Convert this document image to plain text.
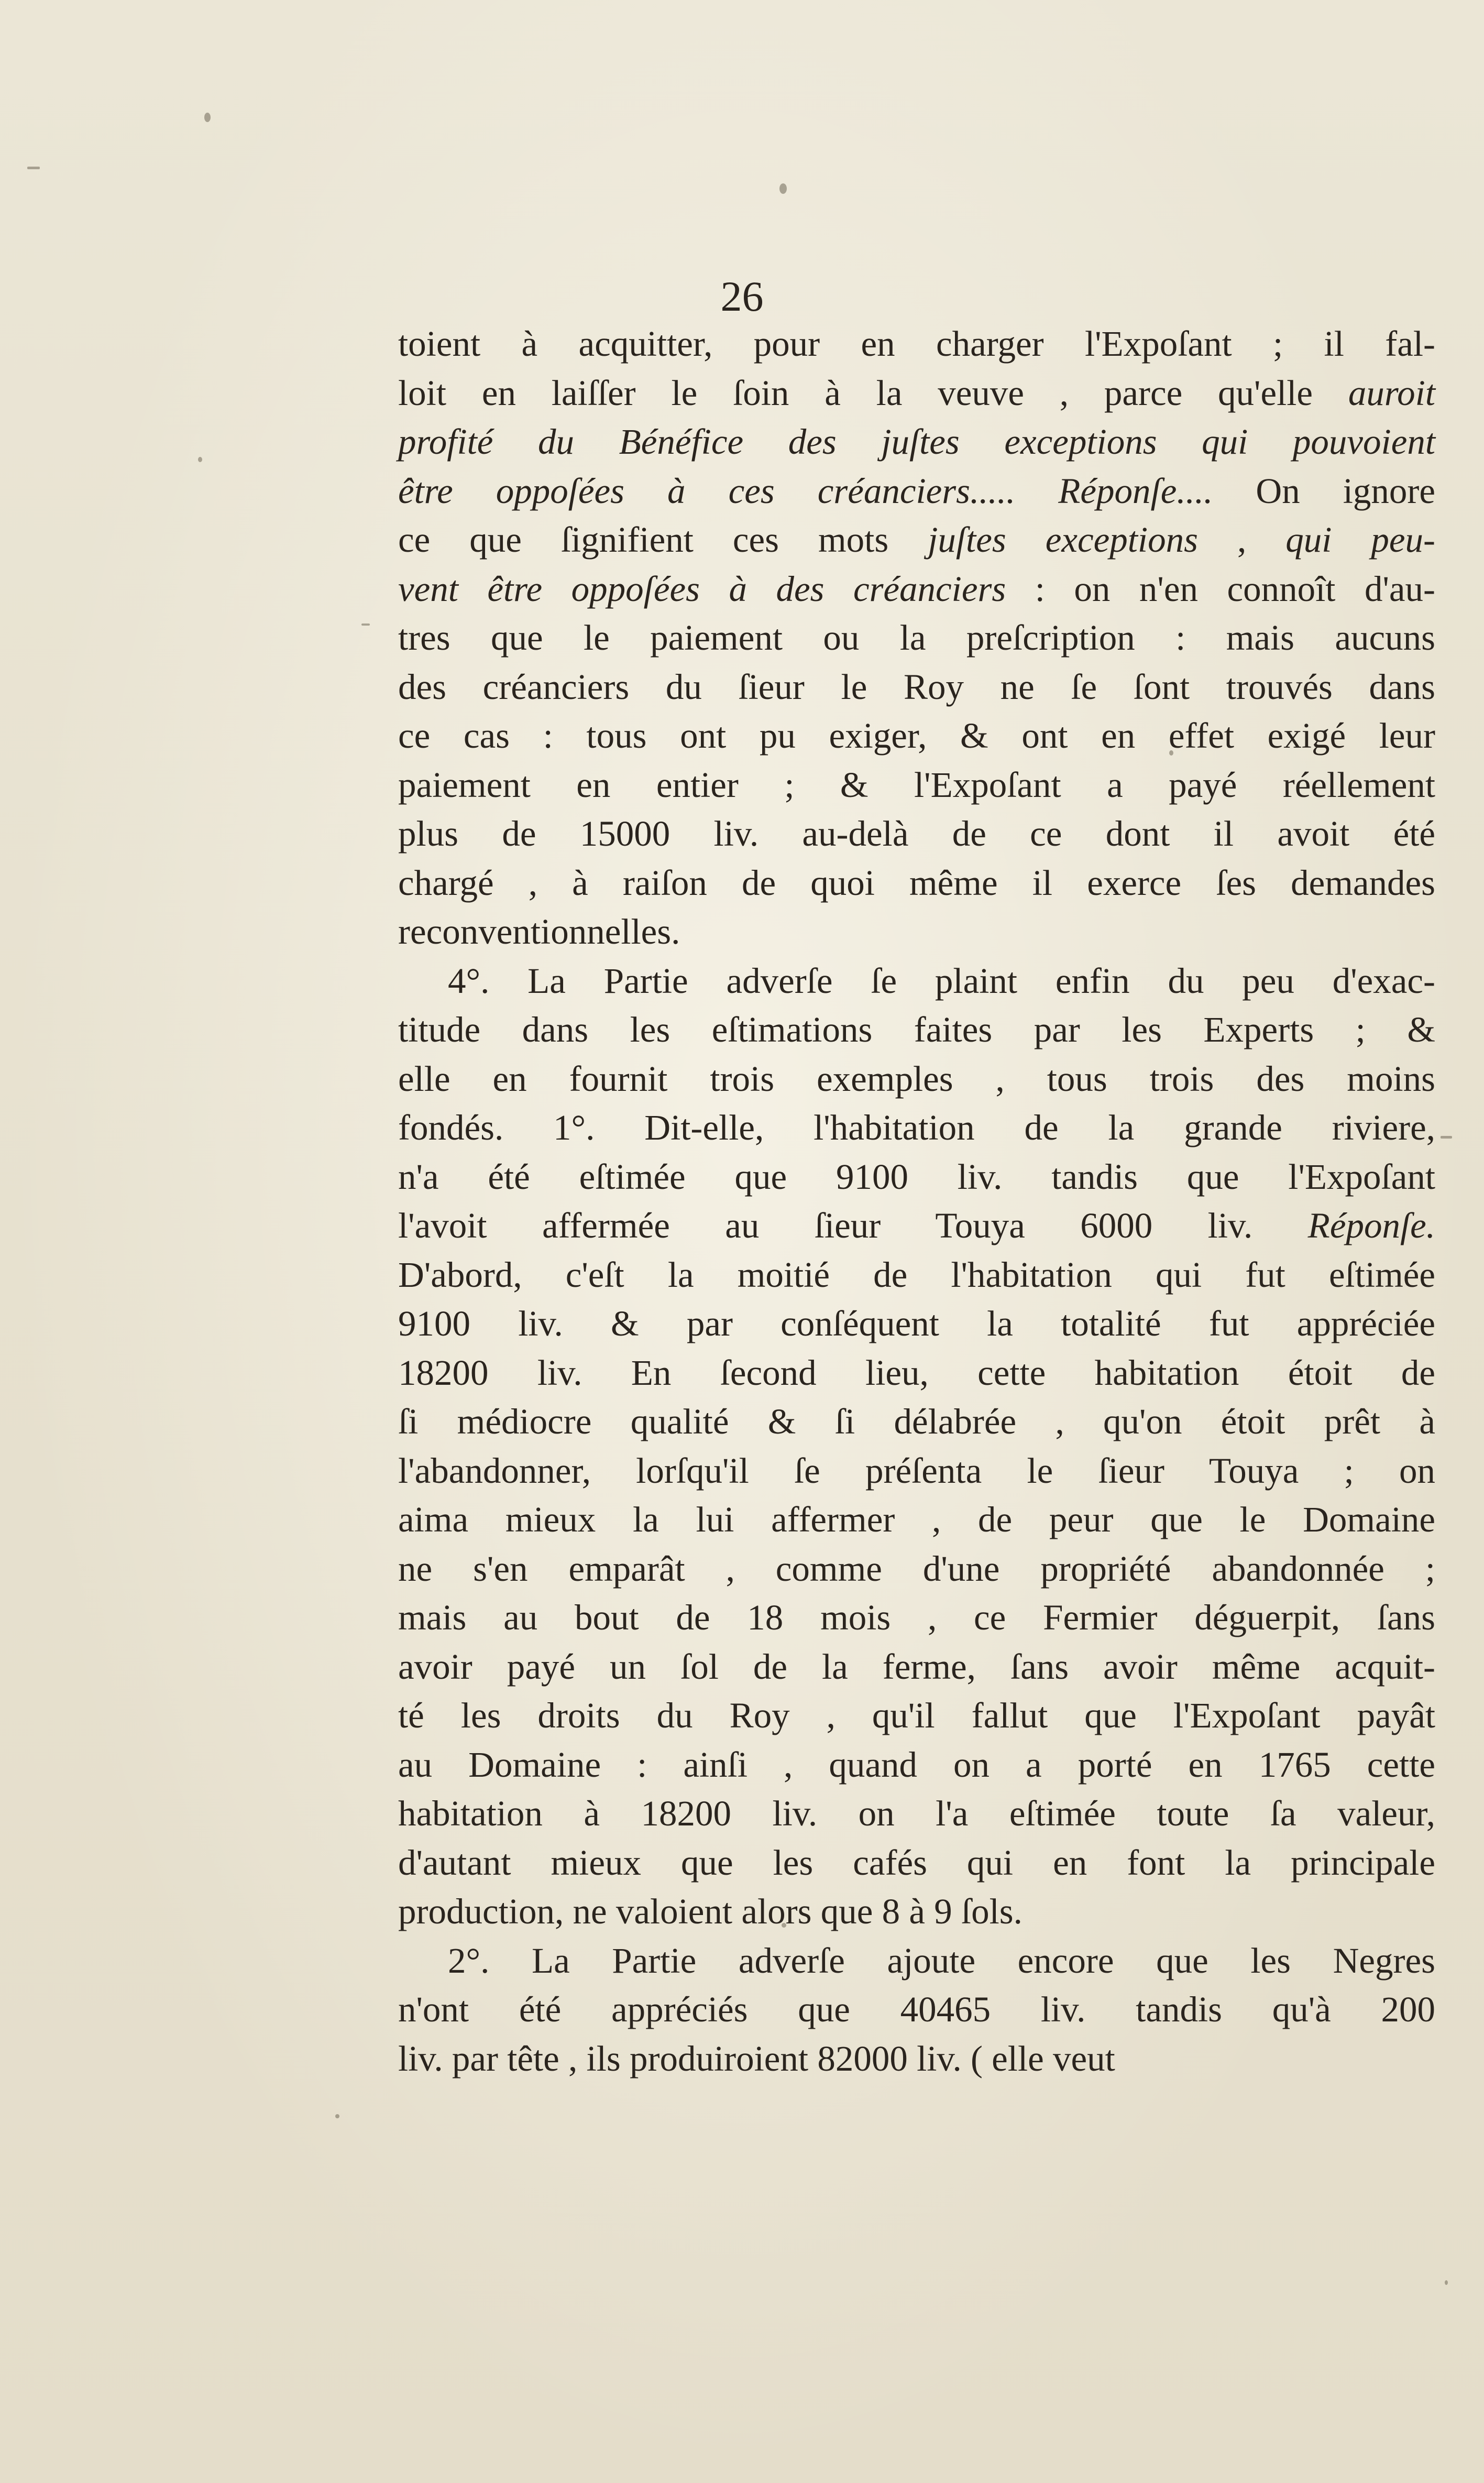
26
toient à acquitter, pour en charger l'Expoſant ; il fal-
loit en laiſſer le ſoin à la veuve , parce qu'elle auroit
profité du Bénéfice des juſtes exceptions qui pouvoient
être oppoſées à ces créanciers..... Réponſe.... On ignore
ce que ſignifient ces mots juſtes exceptions , qui peu-
vent être oppoſées à des créanciers : on n'en connoît d'au-
tres que le paiement ou la preſcription : mais aucuns
des créanciers du ſieur le Roy ne ſe ſont trouvés dans
ce cas : tous ont pu exiger, & ont en effet exigé leur
paiement en entier ; & l'Expoſant a payé réellement
plus de 15000 liv. au-delà de ce dont il avoit été
chargé , à raiſon de quoi même il exerce ſes demandes
reconventionnelles.
4°. La Partie adverſe ſe plaint enfin du peu d'exac-
titude dans les eſtimations faites par les Experts ; &
elle en fournit trois exemples , tous trois des moins
fondés. 1°. Dit-elle, l'habitation de la grande riviere,
n'a été eſtimée que 9100 liv. tandis que l'Expoſant
l'avoit affermée au ſieur Touya 6000 liv. Réponſe.
D'abord, c'eſt la moitié de l'habitation qui fut eſtimée
9100 liv. & par conſéquent la totalité fut appréciée
18200 liv. En ſecond lieu, cette habitation étoit de
ſi médiocre qualité & ſi délabrée , qu'on étoit prêt à
l'abandonner, lorſqu'il ſe préſenta le ſieur Touya ; on
aima mieux la lui affermer , de peur que le Domaine
ne s'en emparât , comme d'une propriété abandonnée ;
mais au bout de 18 mois , ce Fermier déguerpit, ſans
avoir payé un ſol de la ferme, ſans avoir même acquit-
té les droits du Roy , qu'il fallut que l'Expoſant payât
au Domaine : ainſi , quand on a porté en 1765 cette
habitation à 18200 liv. on l'a eſtimée toute ſa valeur,
d'autant mieux que les cafés qui en font la principale
production, ne valoient alors que 8 à 9 ſols.
2°. La Partie adverſe ajoute encore que les Negres
n'ont été appréciés que 40465 liv. tandis qu'à 200
liv. par tête , ils produiroient 82000 liv. ( elle veut
